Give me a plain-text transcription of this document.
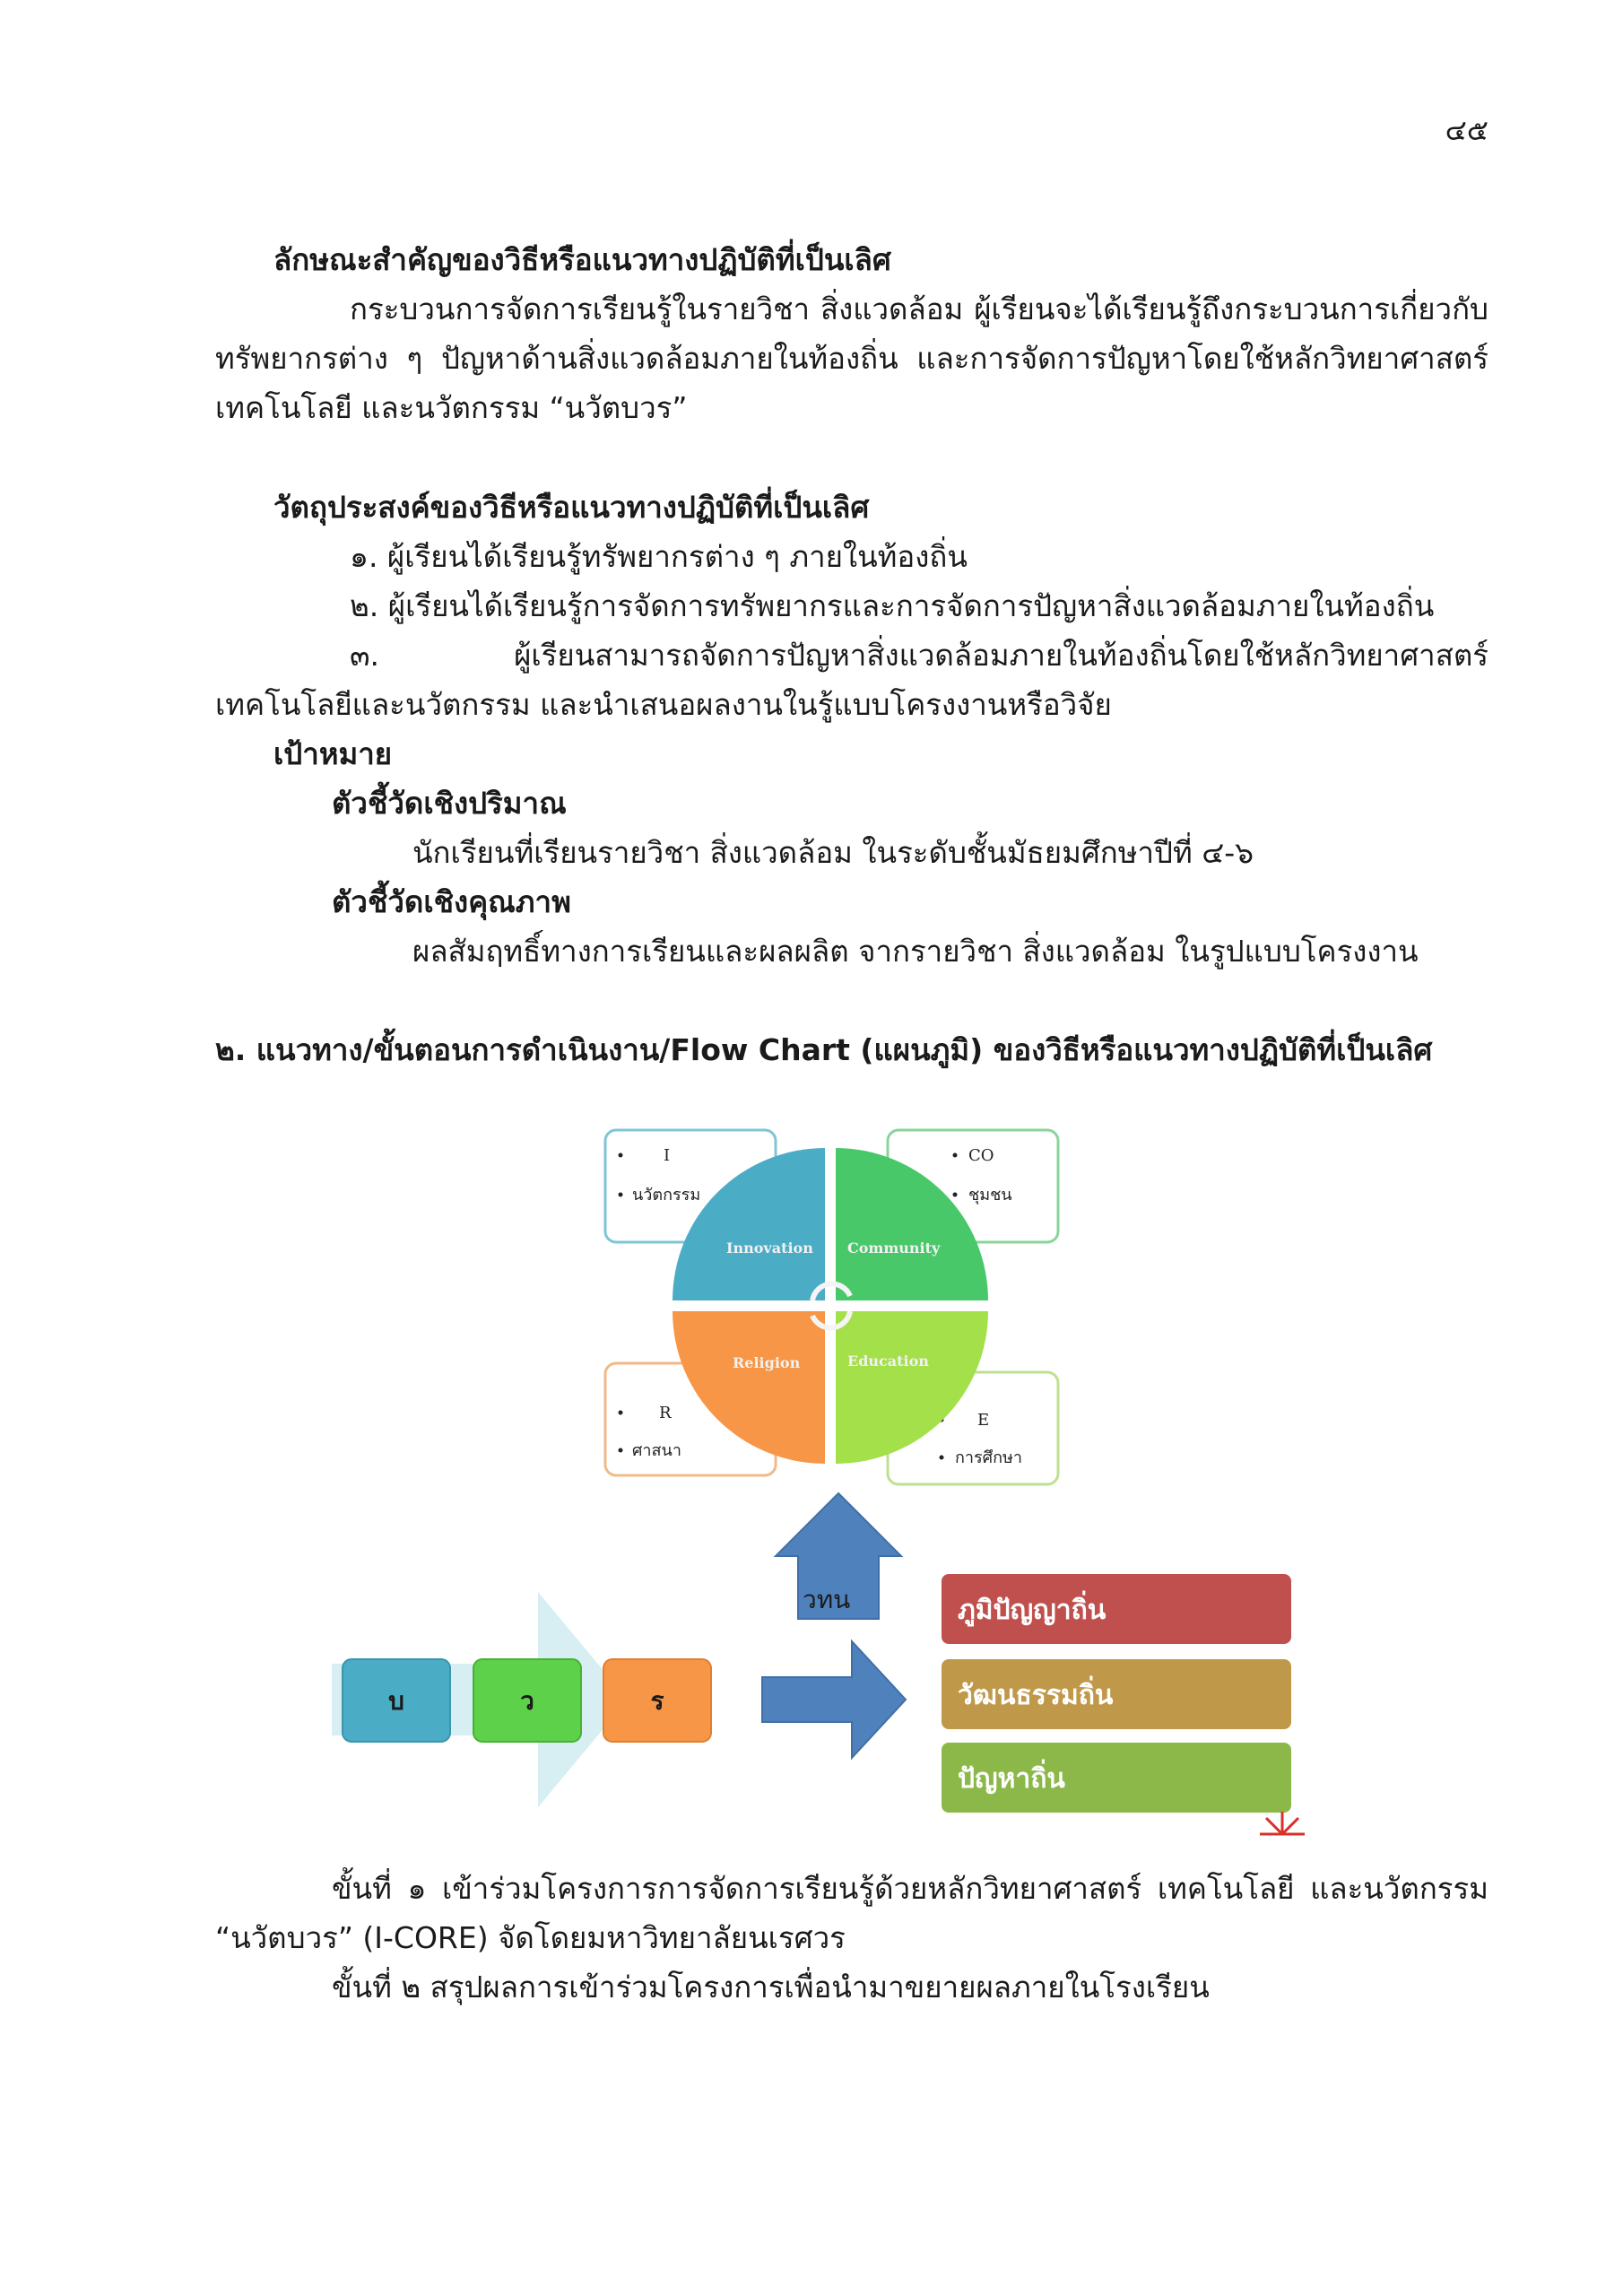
๔๕
ลักษณะสำคัญของวิธีหรือแนวทางปฏิบัติที่เป็นเลิศ
กระบวนการจัดการเรียนรู้ในรายวิชา สิ่งแวดล้อม ผู้เรียนจะได้เรียนรู้ถึงกระบวนการเกี่ยวกับทรัพยากรต่าง ๆ ปัญหาด้านสิ่งแวดล้อมภายในท้องถิ่น และการจัดการปัญหาโดยใช้หลักวิทยาศาสตร์ เทคโนโลยี และนวัตกรรม “นวัตบวร”
วัตถุประสงค์ของวิธีหรือแนวทางปฏิบัติที่เป็นเลิศ
๑. ผู้เรียนได้เรียนรู้ทรัพยากรต่าง ๆ ภายในท้องถิ่น
๒. ผู้เรียนได้เรียนรู้การจัดการทรัพยากรและการจัดการปัญหาสิ่งแวดล้อมภายในท้องถิ่น
๓. ผู้เรียนสามารถจัดการปัญหาสิ่งแวดล้อมภายในท้องถิ่นโดยใช้หลักวิทยาศาสตร์ เทคโนโลยีและนวัตกรรม และนำเสนอผลงานในรู้แบบโครงงานหรือวิจัย
เป้าหมาย
ตัวชี้วัดเชิงปริมาณ
นักเรียนที่เรียนรายวิชา สิ่งแวดล้อม ในระดับชั้นมัธยมศึกษาปีที่ ๔-๖
ตัวชี้วัดเชิงคุณภาพ
ผลสัมฤทธิ์ทางการเรียนและผลผลิต จากรายวิชา สิ่งแวดล้อม ในรูปแบบโครงงาน
๒. แนวทาง/ขั้นตอนการดำเนินงาน/Flow Chart (แผนภูมิ) ของวิธีหรือแนวทางปฏิบัติที่เป็นเลิศ
I
นวัตกรรม
CO
ชุมชน
R
ศาสนา
E
การศึกษา
Innovation Community
Religion	Education
วทน
บ	ว	ร
ภูมิปัญญาถิ่น
วัฒนธรรมถิ่น
ปัญหาถิ่น
ขั้นที่ ๑ เข้าร่วมโครงการการจัดการเรียนรู้ด้วยหลักวิทยาศาสตร์ เทคโนโลยี และนวัตกรรม “นวัตบวร” (I-CORE) จัดโดยมหาวิทยาลัยนเรศวร
ขั้นที่ ๒ สรุปผลการเข้าร่วมโครงการเพื่อนำมาขยายผลภายในโรงเรียน
